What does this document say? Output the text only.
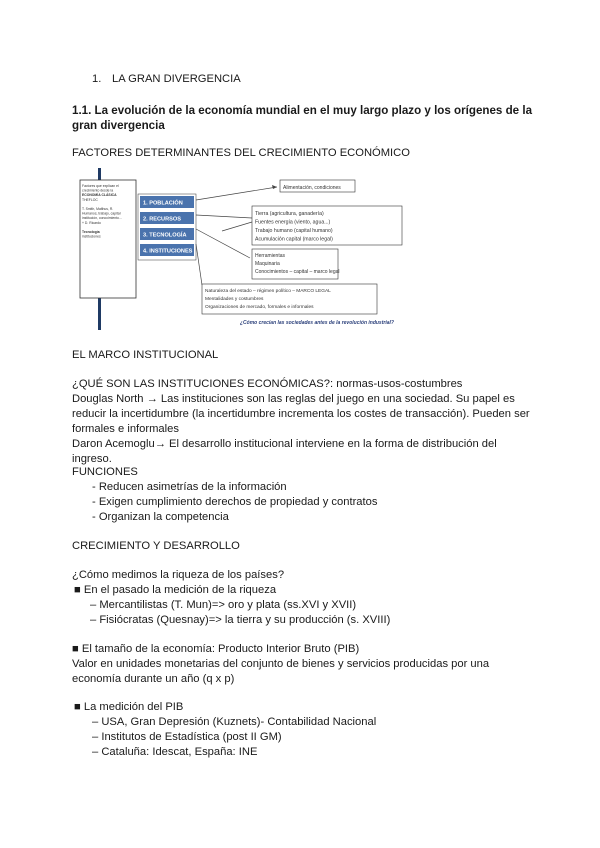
1. LA GRAN DIVERGENCIA
1.1. La evolución de la economía mundial en el muy largo plazo y los orígenes de la
gran divergencia
FACTORES DETERMINANTES DEL CRECIMIENTO ECONÓMICO
Factores que explican el
crecimiento desde la
ECONOMÍA CLÁSICA
THEFLOC
T. Smith, Malthus, R.
Humanos, trabajo, capital
institución, conocimiento...
+ D. Ricardo
Tecnología
instituciones
1. POBLACIÓN
2. RECURSOS
3. TECNOLOGÍA
4. INSTITUCIONES
Alimentación, condiciones
Tierra (agricultura, ganadería)
Fuentes energía (viento, agua...)
Trabajo humano (capital humano)
Acumulación capital (marco legal)
Herramientas
Maquinaria
Conocimientos – capital – marco legal
Naturaleza del estado – régimen político – MARCO LEGAL
Mentalidades y costumbres
Organizaciones de mercado, formales e informales
¿Cómo crecían las sociedades antes de la revolución industrial?
EL MARCO INSTITUCIONAL
¿QUÉ SON LAS INSTITUCIONES ECONÓMICAS?: normas-usos-costumbres
Douglas North → Las instituciones son las reglas del juego en una sociedad. Su papel es
reducir la incertidumbre (la incertidumbre incrementa los costes de transacción). Pueden ser
formales e informales
Daron Acemoglu→ El desarrollo institucional interviene en la forma de distribución del
ingreso.
FUNCIONES
- Reducen asimetrías de la información
- Exigen cumplimiento derechos de propiedad y contratos
- Organizan la competencia
CRECIMIENTO Y DESARROLLO
¿Cómo medimos la riqueza de los países?
■ En el pasado la medición de la riqueza
– Mercantilistas (T. Mun)=> oro y plata (ss.XVI y XVII)
– Fisiócratas (Quesnay)=> la tierra y su producción (s. XVIII)
■ El tamaño de la economía: Producto Interior Bruto (PIB)
Valor en unidades monetarias del conjunto de bienes y servicios producidas por una
economía durante un año (q x p)
■ La medición del PIB
– USA, Gran Depresión (Kuznets)- Contabilidad Nacional
– Institutos de Estadística (post II GM)
– Cataluña: Idescat, España: INE
